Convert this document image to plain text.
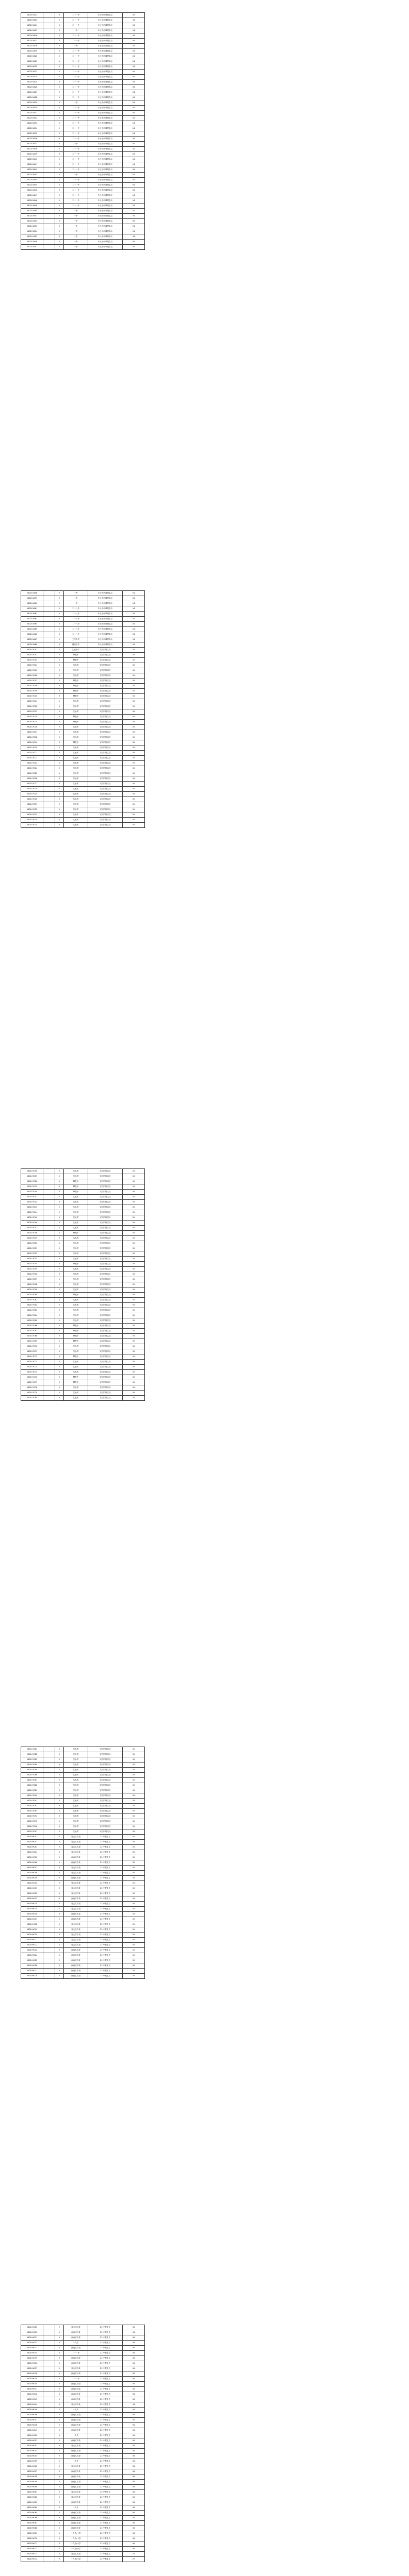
530201612		2	二十一中	市七中西城报名点	04
530201613		2	二十一中	市七中西城报名点	04
530201614		2	二十一中	市七中西城报名点	04
530201615		2	十中	市七中西城报名点	04
530201616		2	二十一中	市七中西城报名点	04
530201617		2	二十一中	市七中西城报名点	04
530201618		2	十中	市七中西城报名点	04
530201619		2	二十一中	市七中西城报名点	04
530201620		2	二十一中	市七中西城报名点	04
530201621		2	二十一中	市七中西城报名点	04
530201622		2	二十一中	市七中西城报名点	04
530201623		2	二十一中	市七中西城报名点	04
530201624		2	二十一中	市七中西城报名点	04
530201625		2	二十一中	市七中西城报名点	04
530201626		2	二十一中	市七中西城报名点	04
530201627		2	二十一中	市七中西城报名点	04
530201628		2	二十一中	市七中西城报名点	04
530201629		2	十中	市七中西城报名点	04
530201630		2	二十一中	市七中西城报名点	04
530201631		2	二十一中	市七中西城报名点	04
530201632		2	二十一中	市七中西城报名点	04
530201633		2	二十一中	市七中西城报名点	04
530201634		2	二十一中	市七中西城报名点	04
530201635		2	二十一中	市七中西城报名点	04
530201636		2	二十一中	市七中西城报名点	04
530201637		2	十中	市七中西城报名点	04
530201638		2	二十一中	市七中西城报名点	04
530201639		2	二十一中	市七中西城报名点	04
530201640		2	二十一中	市七中西城报名点	04
530201641		2	二十一中	市七中西城报名点	04
530201642		2	二十一中	市七中西城报名点	04
530201643		2	十中	市七中西城报名点	04
530201644		2	二十一中	市七中西城报名点	04
530201645		2	二十一中	市七中西城报名点	04
530201646		2	二十一中	市七中西城报名点	04
530201647		2	二十一中	市七中西城报名点	04
530201648		2	二十一中	市七中西城报名点	04
530201649		2	二十一中	市七中西城报名点	04
530201650		2	十中	市七中西城报名点	04
530201651		2	十中	市七中西城报名点	04
530201652		2	十中	市七中西城报名点	04
530201653		2	十中	市七中西城报名点	04
530201654		2	十中	市七中西城报名点	04
530201655		2	十中	市七中西城报名点	04
530201656		2	十中	市七中西城报名点	04
530201657		2	十中	市七中西城报名点	04
530201658		2	十中	市七中西城报名点	04
530201659		2	十中	市七中西城报名点	04
530201660		2	十中	市七中西城报名点	04
530201661		2	二十八中	市七中西城报名点	04
530201662		2	二十八中	市七中西城报名点	04
530201663		2	二十八中	市七中西城报名点	04
530201664		2	二十八中	市七中西城报名点	04
530201665		2	二十八中	市七中西城报名点	04
530201666		2	二十八中	市七中西城报名点	04
530201667		2	文华中学	市七中西城报名点	04
530201668		2	博美中学	市七中西城报名点	04
530107001		2	实验中学	实验附报名点	05
530107002		2	攀枝中	实验附报名点	05
530107003		2	攀枝中	实验附报名点	05
530107004		2	实验附	实验附报名点	05
530107005		2	实验附	实验附报名点	05
530107006		2	实验附	实验附报名点	05
530107007		2	攀枝中	实验附报名点	05
530107008		2	攀枝中	实验附报名点	05
530107009		2	攀枝中	实验附报名点	05
530107010		2	攀枝中	实验附报名点	05
530107011		2	实验附	实验附报名点	05
530107012		2	实验附	实验附报名点	05
530107013		2	实验附	实验附报名点	05
530107014		2	攀枝中	实验附报名点	05
530107015		2	攀枝中	实验附报名点	05
530107016		2	实验附	实验附报名点	05
530107017		2	实验附	实验附报名点	05
530107018		2	实验附	实验附报名点	05
530107019		2	攀枝中	实验附报名点	05
530107020		2	实验附	实验附报名点	05
530107021		2	实验附	实验附报名点	05
530107022		2	实验附	实验附报名点	05
530107023		2	实验附	实验附报名点	05
530107024		2	实验附	实验附报名点	05
530107025		2	实验附	实验附报名点	05
530107026		2	实验附	实验附报名点	05
530107027		2	实验附	实验附报名点	05
530107028		2	实验附	实验附报名点	05
530107029		2	实验附	实验附报名点	05
530107030		2	实验附	实验附报名点	05
530107031		2	实验附	实验附报名点	05
530107032		2	实验附	实验附报名点	05
530107033		2	实验附	实验附报名点	05
530107034		2	实验附	实验附报名点	05
530107035		2	实验附	实验附报名点	05
530107036		2	实验附	实验附报名点	05
530107037		2	实验附	实验附报名点	05
530107038		2	攀枝中	实验附报名点	05
530107039		2	攀枝中	实验附报名点	05
530107040		2	攀枝中	实验附报名点	05
530107041		2	实验附	实验附报名点	05
530107042		2	实验附	实验附报名点	05
530107043		2	实验附	实验附报名点	05
530107044		2	实验附	实验附报名点	05
530107045		2	实验附	实验附报名点	05
530107046		2	实验附	实验附报名点	05
530107047		2	实验附	实验附报名点	05
530107048		2	攀枝中	实验附报名点	05
530107049		2	实验附	实验附报名点	05
530107050		2	实验附	实验附报名点	05
530107051		2	实验附	实验附报名点	05
530107052		2	实验附	实验附报名点	05
530107053		2	实验附	实验附报名点	05
530107054		2	攀枝中	实验附报名点	05
530107055		2	实验附	实验附报名点	05
530107056		2	实验附	实验附报名点	05
530107057		2	实验附	实验附报名点	05
530107058		2	实验附	实验附报名点	05
530107059		2	实验附	实验附报名点	05
530107060		2	攀枝中	实验附报名点	05
530107061		2	实验附	实验附报名点	05
530107062		2	实验附	实验附报名点	05
530107063		2	实验附	实验附报名点	05
530107064		2	实验附	实验附报名点	05
530107065		2	实验附	实验附报名点	05
530107066		2	攀枝中	实验附报名点	05
530107067		2	攀枝中	实验附报名点	05
530107068		2	攀枝中	实验附报名点	05
530107069		2	攀枝中	实验附报名点	05
530107070		2	实验附	实验附报名点	05
530107071		2	实验附	实验附报名点	05
530107072		2	攀枝中	实验附报名点	05
530107073		2	实验附	实验附报名点	05
530107074		2	实验附	实验附报名点	05
530107075		2	实验附	实验附报名点	05
530107076		2	攀枝中	实验附报名点	05
530107077		2	攀枝中	实验附报名点	05
530107078		2	实验附	实验附报名点	05
530107079		2	实验附	实验附报名点	05
530107080		2	实验附	实验附报名点	05
530107081		2	实验附	实验附报名点	05
530107082		2	实验附	实验附报名点	05
530107083		2	实验附	实验附报名点	05
530107084		2	实验附	实验附报名点	05
530107085		2	实验附	实验附报名点	05
530107086		2	实验附	实验附报名点	05
530107087		2	实验附	实验附报名点	05
530107088		2	实验附	实验附报名点	05
530107089		2	实验附	实验附报名点	05
530107090		2	实验附	实验附报名点	05
530107091		2	实验附	实验附报名点	05
530107092		2	实验附	实验附报名点	05
530107093		2	实验附	实验附报名点	05
530107094		2	实验附	实验附报名点	05
530107095		2	实验附	实验附报名点	05
530107096		2	实验附	实验附报名点	05
530107097		2	实验附	实验附报名点	05
530109001		2	青云实验校	23 中报名点	05
530109002		2	青云实验校	23 中报名点	05
530109003		2	青云实验校	23 中报名点	05
530109004		2	青云实验校	23 中报名点	05
530109005		2	西南实验校	23 中报名点	05
530109006		2	西南实验校	23 中报名点	05
530109007		2	青云实验校	23 中报名点	05
530109008		2	青云实验校	23 中报名点	05
530109009		2	西南实验校	23 中报名点	05
530109010		2	青云实验校	23 中报名点	05
530109011		2	青云实验校	23 中报名点	05
530109012		2	青云实验校	23 中报名点	05
530109013		2	西南实验校	23 中报名点	05
530109014		2	青云实验校	23 中报名点	05
530109015		2	青云实验校	23 中报名点	05
530109016		2	西南实验校	23 中报名点	05
530109017		2	西南实验校	23 中报名点	05
530109018		2	青云实验校	23 中报名点	05
530109019		2	青云实验校	23 中报名点	05
530109020		2	青云实验校	23 中报名点	05
530109021		2	青云实验校	23 中报名点	05
530109022		2	青云实验校	23 中报名点	05
530109023		2	西南实验校	23 中报名点	05
530109024		2	西南实验校	23 中报名点	05
530109025		2	西南实验校	23 中报名点	05
530109026		2	西南实验校	23 中报名点	05
530109027		2	西南实验校	23 中报名点	05
530109028		2	西南实验校	23 中报名点	05
530109029		2	青云实验校	23 中报名点	06
530109030		2	西南实验校	23 中报名点	06
530109031		2	西南实验校	23 中报名点	06
530109032		2	十九中	23 中报名点	06
530109033		2	西南实验校	23 中报名点	06
530109034		2	二十一中	23 中报名点	06
530109035		2	西南实验校	23 中报名点	06
530109036		2	西南实验校	23 中报名点	06
530109037		2	青云实验校	23 中报名点	06
530109038		2	西南实验校	23 中报名点	06
530109039		2	二十一中	23 中报名点	06
530109040		2	西南实验校	23 中报名点	06
530109041		2	西南实验校	23 中报名点	06
530109042		2	西南实验校	23 中报名点	06
530109043		2	西南实验校	23 中报名点	06
530109044		2	青云实验校	23 中报名点	06
530109045		2	十九中	23 中报名点	06
530109046		2	西南实验校	23 中报名点	06
530109047		2	西南实验校	23 中报名点	06
530109048		2	西南实验校	23 中报名点	06
530109049		2	西南实验校	23 中报名点	06
530109050		2	十九中	23 中报名点	06
530109051		2	西南实验校	23 中报名点	06
530109052		2	青云实验校	23 中报名点	06
530109053		2	西南实验校	23 中报名点	06
530109054		2	西南实验校	23 中报名点	06
530109055		2	十九中	23 中报名点	06
530109056		2	青云实验校	23 中报名点	06
530109057		2	西南实验校	23 中报名点	06
530109058		2	西南实验校	23 中报名点	06
530109059		2	西南实验校	23 中报名点	06
530109060		2	西南实验校	23 中报名点	06
530109061		2	青云实验校	23 中报名点	06
530109062		2	青云实验校	23 中报名点	06
530109063		2	西南实验校	23 中报名点	06
530109064		2	十九中	23 中报名点	06
530109065		2	西南实验校	23 中报名点	06
530109066		2	西南实验校	23 中报名点	06
530109067		2	西南实验校	23 中报名点	06
530109068		2	西南实验校	23 中报名点	06
530109069		2	十九中/小学	23 中报名点	06
530109070		2	十九中/小学	23 中报名点	06
530109071		2	十九中/小学	23 中报名点	06
530109072		2	十九中/小学	23 中报名点	06
530109073		2	青云实验校	23 中报名点	07
530109074		2	十九中/小学	23 中报名点	07
